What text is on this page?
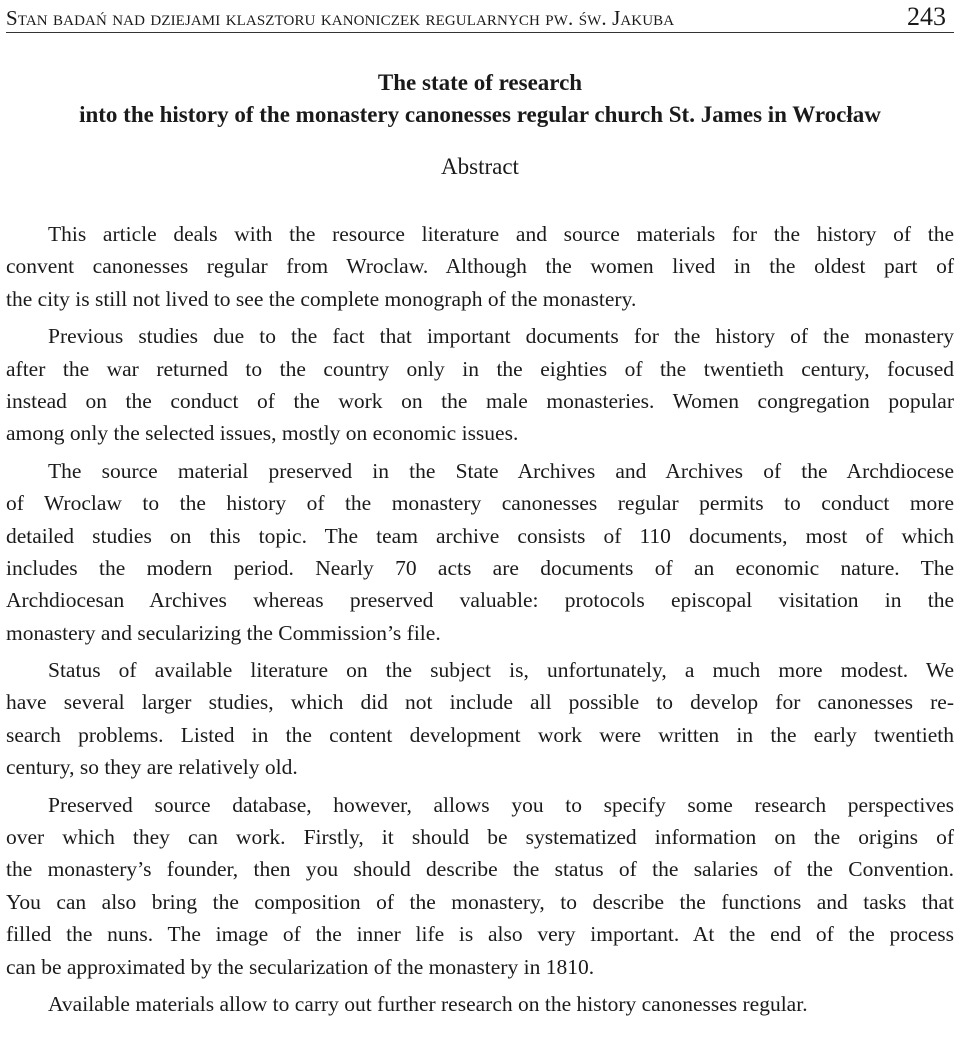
Stan badań nad dziejami klasztoru kanoniczek regularnych pw. św. Jakuba	243
The state of research
into the history of the monastery canonesses regular church St. James in Wrocław
Abstract
This article deals with the resource literature and source materials for the history of the
convent canonesses regular from Wroclaw. Although the women lived in the oldest part of
the city is still not lived to see the complete monograph of the monastery.
Previous studies due to the fact that important documents for the history of the monastery
after the war returned to the country only in the eighties of the twentieth century, focused
instead on the conduct of the work on the male monasteries. Women congregation popular
among only the selected issues, mostly on economic issues.
The source material preserved in the State Archives and Archives of the Archdiocese
of Wroclaw to the history of the monastery canonesses regular permits to conduct more
detailed studies on this topic. The team archive consists of 110 documents, most of which
includes the modern period. Nearly 70 acts are documents of an economic nature. The
Archdiocesan Archives whereas preserved valuable: protocols episcopal visitation in the
monastery and secularizing the Commission’s file.
Status of available literature on the subject is, unfortunately, a much more modest. We
have several larger studies, which did not include all possible to develop for canonesses re-
search problems. Listed in the content development work were written in the early twentieth
century, so they are relatively old.
Preserved source database, however, allows you to specify some research perspectives
over which they can work. Firstly, it should be systematized information on the origins of
the monastery’s founder, then you should describe the status of the salaries of the Convention.
You can also bring the composition of the monastery, to describe the functions and tasks that
filled the nuns. The image of the inner life is also very important. At the end of the process
can be approximated by the secularization of the monastery in 1810.
Available materials allow to carry out further research on the history canonesses regular.
